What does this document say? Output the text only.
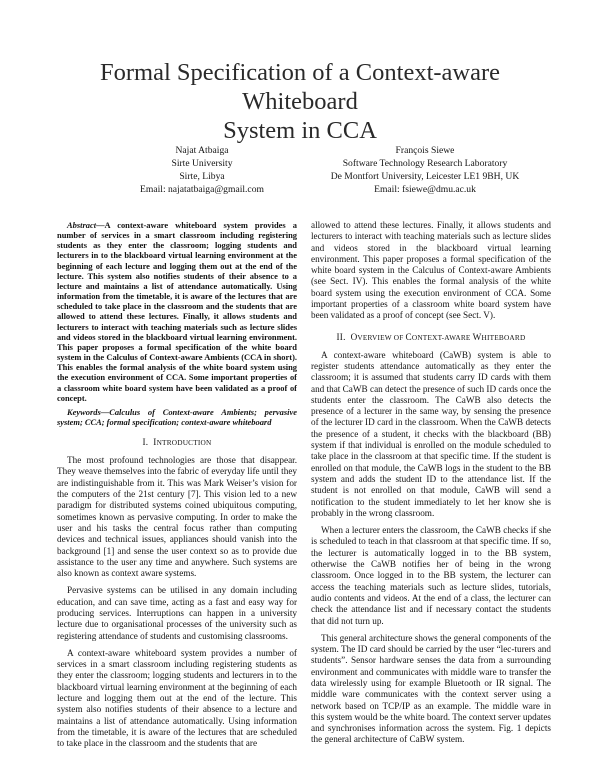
Formal Specification of a Context-aware Whiteboard
System in CCA
Najat Atbaiga
Sirte University
Sirte, Libya
Email: najatatbaiga@gmail.com
François Siewe
Software Technology Research Laboratory
De Montfort University, Leicester LE1 9BH, UK
Email: fsiewe@dmu.ac.uk

Abstract—A context-aware whiteboard system provides a number of services in a smart classroom including registering students as they enter the classroom; logging students and lecturers in to the blackboard virtual learning environment at the beginning of each lecture and logging them out at the end of the lecture. This system also notifies students of their absence to a lecture and maintains a list of attendance automatically. Using information from the timetable, it is aware of the lectures that are scheduled to take place in the classroom and the students that are allowed to attend these lectures. Finally, it allows students and lecturers to interact with teaching materials such as lecture slides and videos stored in the blackboard virtual learning environment. This paper proposes a formal specification of the white board system in the Calculus of Context-aware Ambients (CCA in short). This enables the formal analysis of the white board system using the execution environment of CCA. Some important properties of a classroom white board system have been validated as a proof of concept.

Keywords—Calculus of Context-aware Ambients; pervasive system; CCA; formal specification; context-aware whiteboard

I. INTRODUCTION

The most profound technologies are those that disappear. They weave themselves into the fabric of everyday life until they are indistinguishable from it. This was Mark Weiser’s vision for the computers of the 21st century [7]. This vision led to a new paradigm for distributed systems coined ubiquitous computing, sometimes known as pervasive computing. In order to make the user and his tasks the central focus rather than computing devices and technical issues, appliances should vanish into the background [1] and sense the user context so as to provide due assistance to the user any time and anywhere. Such systems are also known as context aware systems.

Pervasive systems can be utilised in any domain including education, and can save time, acting as a fast and easy way for producing services. Interruptions can happen in a university lecture due to organisational processes of the university such as registering attendance of students and customising classrooms.

A context-aware whiteboard system provides a number of services in a smart classroom including registering students as they enter the classroom; logging students and lecturers in to the blackboard virtual learning environment at the beginning of each lecture and logging them out at the end of the lecture. This system also notifies students of their absence to a lecture and maintains a list of attendance automatically. Using information from the timetable, it is aware of the lectures that are scheduled to take place in the classroom and the students that are

allowed to attend these lectures. Finally, it allows students and lecturers to interact with teaching materials such as lecture slides and videos stored in the blackboard virtual learning environment. This paper proposes a formal specification of the white board system in the Calculus of Context-aware Ambients (see Sect. IV). This enables the formal analysis of the white board system using the execution environment of CCA. Some important properties of a classroom white board system have been validated as a proof of concept (see Sect. V).

II. OVERVIEW OF CONTEXT-AWARE WHITEBOARD

A context-aware whiteboard (CaWB) system is able to register students attendance automatically as they enter the classroom; it is assumed that students carry ID cards with them and that CaWB can detect the presence of such ID cards once the students enter the classroom. The CaWB also detects the presence of a lecturer in the same way, by sensing the presence of the lecturer ID card in the classroom. When the CaWB detects the presence of a student, it checks with the blackboard (BB) system if that individual is enrolled on the module scheduled to take place in the classroom at that specific time. If the student is enrolled on that module, the CaWB logs in the student to the BB system and adds the student ID to the attendance list. If the student is not enrolled on that module, CaWB will send a notification to the student immediately to let her know she is probably in the wrong classroom.

When a lecturer enters the classroom, the CaWB checks if she is scheduled to teach in that classroom at that specific time. If so, the lecturer is automatically logged in to the BB system, otherwise the CaWB notifies her of being in the wrong classroom. Once logged in to the BB system, the lecturer can access the teaching materials such as lecture slides, tutorials, audio contents and videos. At the end of a class, the lecturer can check the attendance list and if necessary contact the students that did not turn up.

This general architecture shows the general components of the system. The ID card should be carried by the user “lec-turers and students”. Sensor hardware senses the data from a surrounding environment and communicates with middle ware to transfer the data wirelessly using for example Bluetooth or IR signal. The middle ware communicates with the context server using a network based on TCP/IP as an example. The middle ware in this system would be the white board. The context server updates and synchronises information across the system. Fig. 1 depicts the general architecture of CaBW system.
